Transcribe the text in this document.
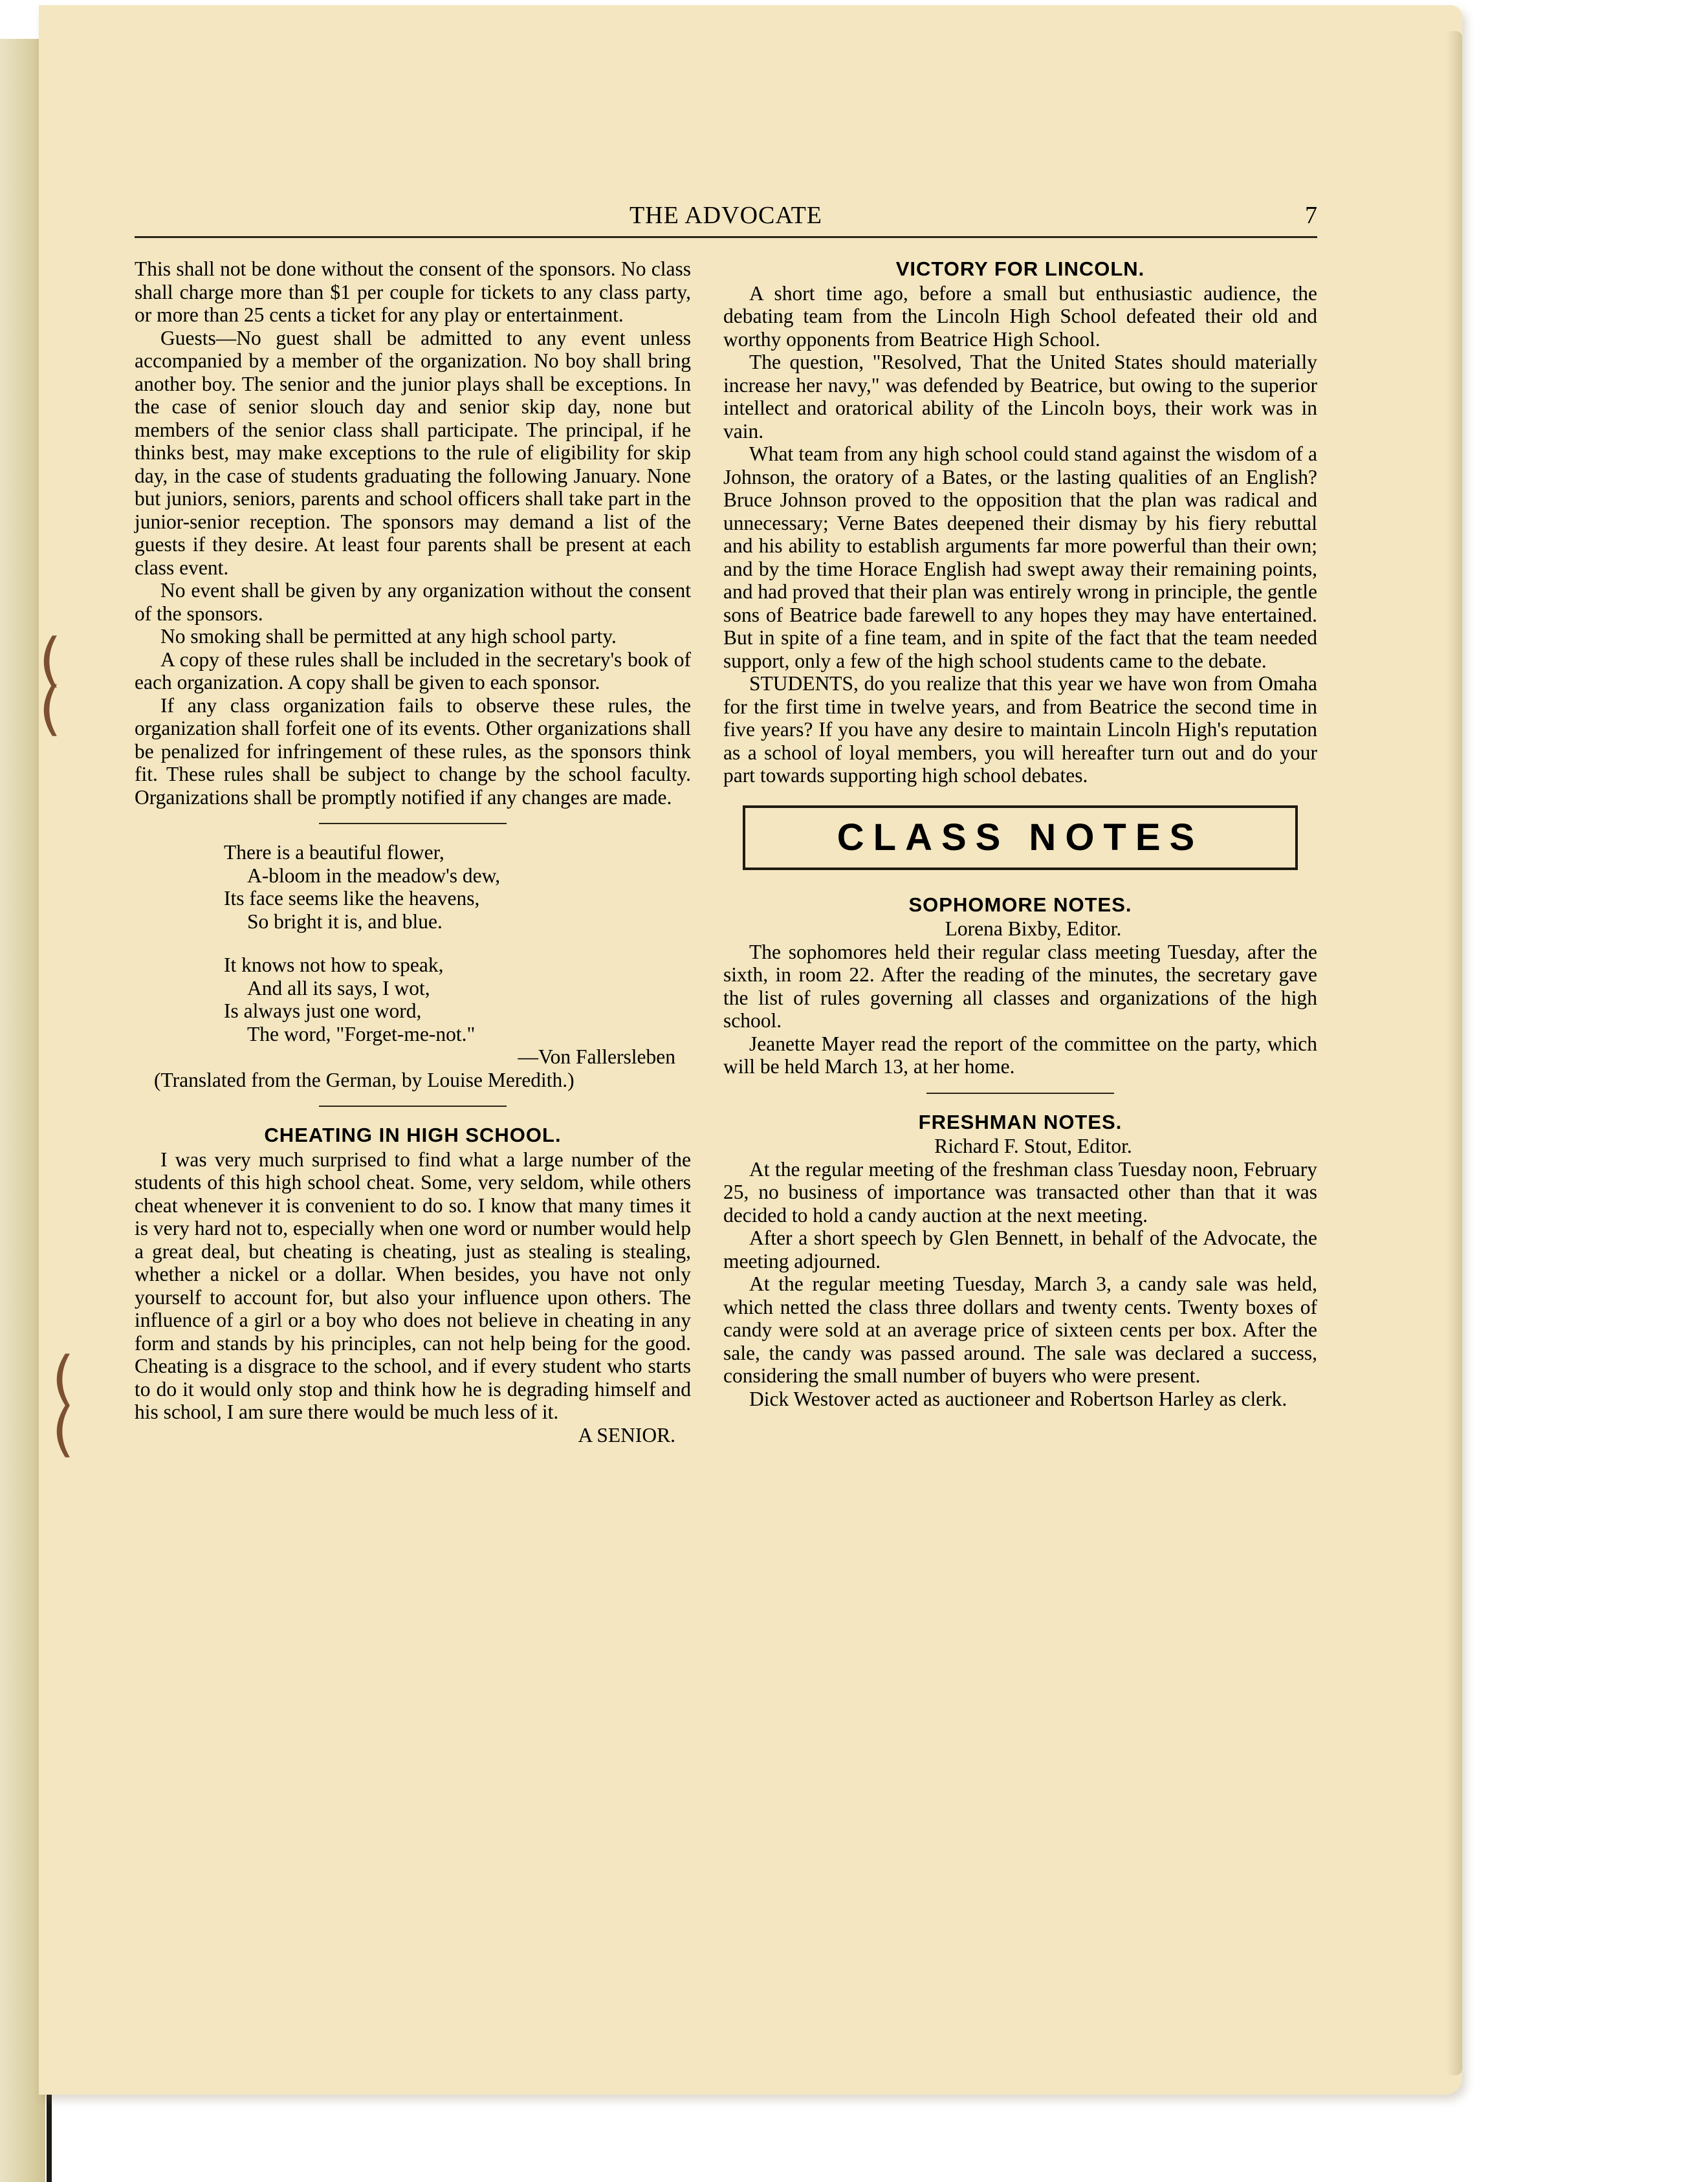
(
(
(
(
THE ADVOCATE	7

This shall not be done without the consent of the sponsors. No class shall charge more than $1 per couple for tickets to any class party, or more than 25 cents a ticket for any play or entertainment.

Guests—No guest shall be admitted to any event unless accompanied by a member of the organization. No boy shall bring another boy. The senior and the junior plays shall be exceptions. In the case of senior slouch day and senior skip day, none but members of the senior class shall participate. The principal, if he thinks best, may make exceptions to the rule of eligibility for skip day, in the case of students graduating the following January. None but juniors, seniors, parents and school officers shall take part in the junior-senior reception. The sponsors may demand a list of the guests if they desire. At least four parents shall be present at each class event.

No event shall be given by any organization without the consent of the sponsors.

No smoking shall be permitted at any high school party.

A copy of these rules shall be included in the secretary's book of each organization. A copy shall be given to each sponsor.

If any class organization fails to observe these rules, the organization shall forfeit one of its events. Other organizations shall be penalized for infringement of these rules, as the sponsors think fit. These rules shall be subject to change by the school faculty. Organizations shall be promptly notified if any changes are made.

There is a beautiful flower,
A-bloom in the meadow's dew,
Its face seems like the heavens,
So bright it is, and blue.
It knows not how to speak,
And all its says, I wot,
Is always just one word,
The word, "Forget-me-not."

—Von Fallersleben

(Translated from the German, by Louise Meredith.)

CHEATING IN HIGH SCHOOL.

I was very much surprised to find what a large number of the students of this high school cheat. Some, very seldom, while others cheat whenever it is convenient to do so. I know that many times it is very hard not to, especially when one word or number would help a great deal, but cheating is cheating, just as stealing is stealing, whether a nickel or a dollar. When besides, you have not only yourself to account for, but also your influence upon others. The influence of a girl or a boy who does not believe in cheating in any form and stands by his principles, can not help being for the good. Cheating is a disgrace to the school, and if every student who starts to do it would only stop and think how he is degrading himself and his school, I am sure there would be much less of it.

A SENIOR.

VICTORY FOR LINCOLN.

A short time ago, before a small but enthusiastic audience, the debating team from the Lincoln High School defeated their old and worthy opponents from Beatrice High School.

The question, "Resolved, That the United States should materially increase her navy," was defended by Beatrice, but owing to the superior intellect and oratorical ability of the Lincoln boys, their work was in vain.

What team from any high school could stand against the wisdom of a Johnson, the oratory of a Bates, or the lasting qualities of an English? Bruce Johnson proved to the opposition that the plan was radical and unnecessary; Verne Bates deepened their dismay by his fiery rebuttal and his ability to establish arguments far more powerful than their own; and by the time Horace English had swept away their remaining points, and had proved that their plan was entirely wrong in principle, the gentle sons of Beatrice bade farewell to any hopes they may have entertained. But in spite of a fine team, and in spite of the fact that the team needed support, only a few of the high school students came to the debate.

STUDENTS, do you realize that this year we have won from Omaha for the first time in twelve years, and from Beatrice the second time in five years? If you have any desire to maintain Lincoln High's reputation as a school of loyal members, you will hereafter turn out and do your part towards supporting high school debates.

CLASS NOTES
SOPHOMORE NOTES.

Lorena Bixby, Editor.

The sophomores held their regular class meeting Tuesday, after the sixth, in room 22. After the reading of the minutes, the secretary gave the list of rules governing all classes and organizations of the high school.

Jeanette Mayer read the report of the committee on the party, which will be held March 13, at her home.

FRESHMAN NOTES.

Richard F. Stout, Editor.

At the regular meeting of the freshman class Tuesday noon, February 25, no business of importance was transacted other than that it was decided to hold a candy auction at the next meeting.

After a short speech by Glen Bennett, in behalf of the Advocate, the meeting adjourned.

At the regular meeting Tuesday, March 3, a candy sale was held, which netted the class three dollars and twenty cents. Twenty boxes of candy were sold at an average price of sixteen cents per box. After the sale, the candy was passed around. The sale was declared a success, considering the small number of buyers who were present.

Dick Westover acted as auctioneer and Robertson Harley as clerk.
